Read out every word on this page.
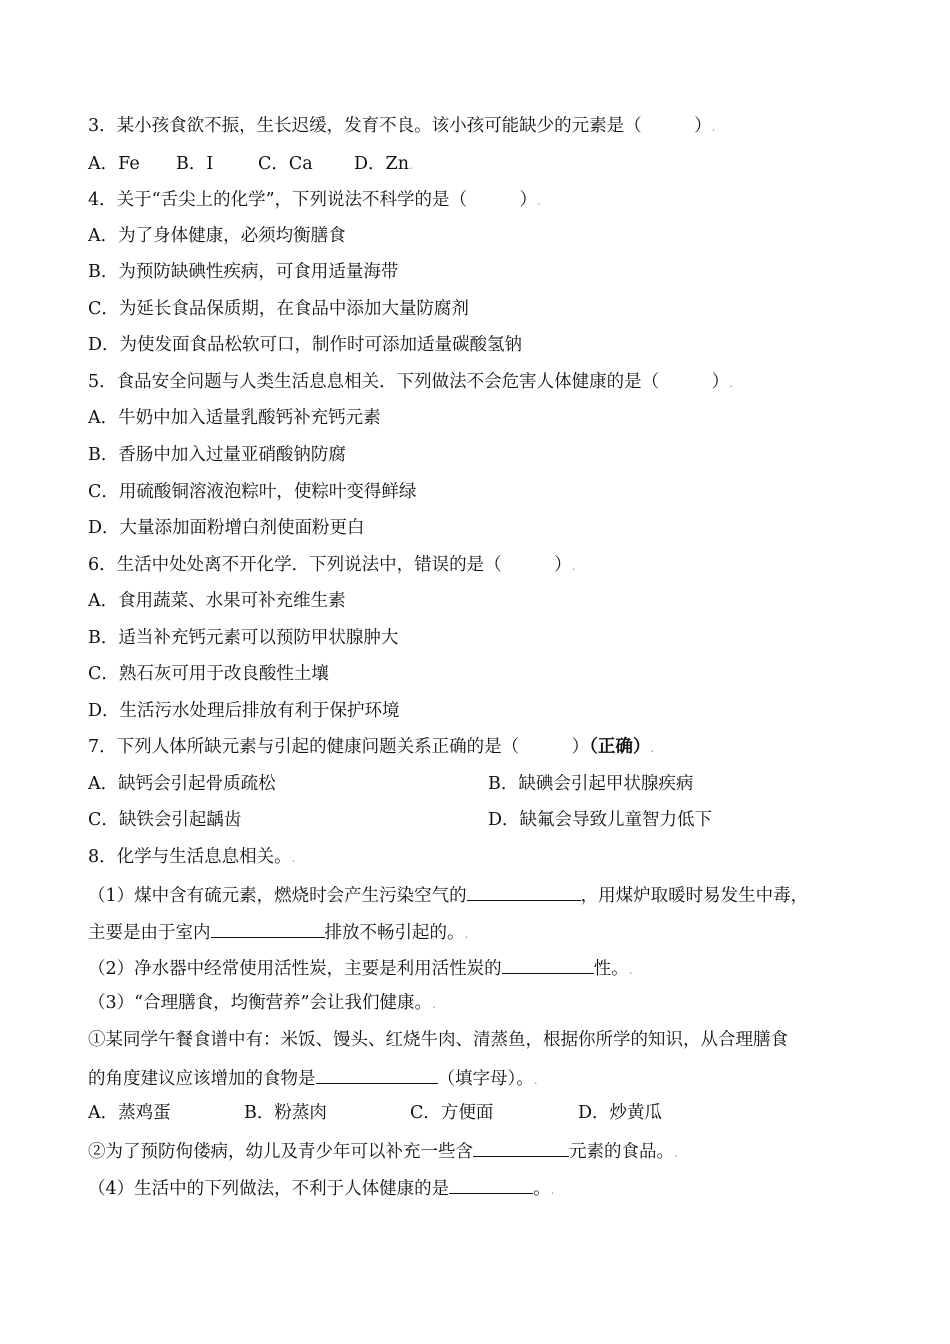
3．某小孩食欲不振，生长迟缓，发育不良。该小孩可能缺少的元素是（　　　）.
A．Fe B．I	C．Ca D．Zn.
4．关于“舌尖上的化学”，下列说法不科学的是（　　　）.
A．为了身体健康，必须均衡膳食
B．为预防缺碘性疾病，可食用适量海带
C．为延长食品保质期，在食品中添加大量防腐剂
D．为使发面食品松软可口，制作时可添加适量碳酸氢钠
5．食品安全问题与人类生活息息相关．下列做法不会危害人体健康的是（　　　）.
A．牛奶中加入适量乳酸钙补充钙元素
B．香肠中加入过量亚硝酸钠防腐
C．用硫酸铜溶液泡粽叶，使粽叶变得鲜绿
D．大量添加面粉增白剂使面粉更白
6．生活中处处离不开化学．下列说法中，错误的是（　　　）.
A．食用蔬菜、水果可补充维生素
B．适当补充钙元素可以预防甲状腺肿大
C．熟石灰可用于改良酸性土壤
D．生活污水处理后排放有利于保护环境
7．下列人体所缺元素与引起的健康问题关系正确的是（　　　）（正确）.
A．缺钙会引起骨质疏松	B．缺碘会引起甲状腺疾病
C．缺铁会引起龋齿	D．缺氟会导致儿童智力低下
8．化学与生活息息相关。.
（1）煤中含有硫元素，燃烧时会产生污染空气的	，用煤炉取暖时易发生中毒，
主要是由于室内	排放不畅引起的。.
（2）净水器中经常使用活性炭，主要是利用活性炭的	性。.
（3）“合理膳食，均衡营养”会让我们健康。.
①某同学午餐食谱中有：米饭、馒头、红烧牛肉、清蒸鱼，根据你所学的知识，从合理膳食
的角度建议应该增加的食物是	（填字母）。.
A．蒸鸡蛋	B．粉蒸肉	C．方便面	D．炒黄瓜
②为了预防佝偻病，幼儿及青少年可以补充一些含	元素的食品。.
（4）生活中的下列做法，不利于人体健康的是	。.
